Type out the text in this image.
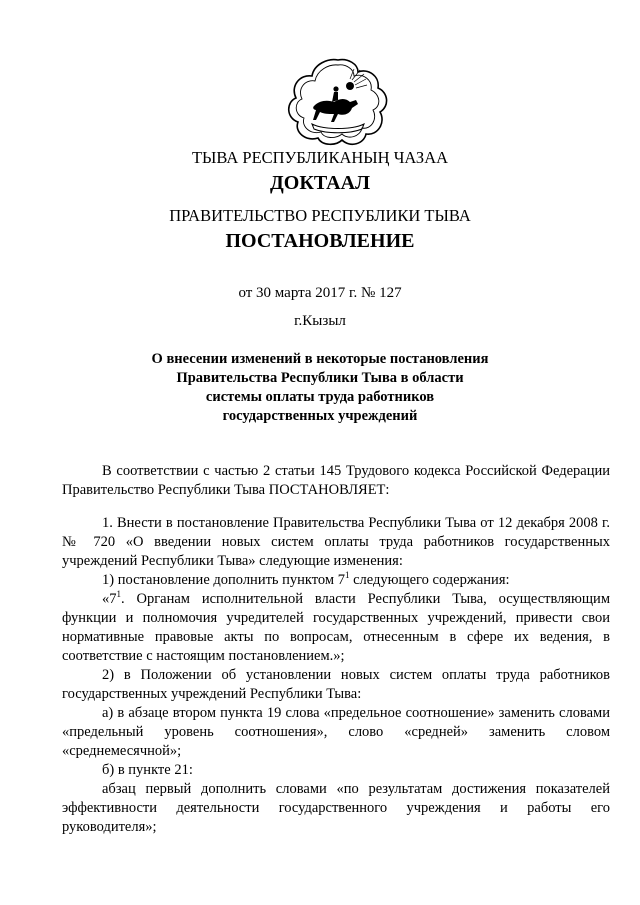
ТЫВА РЕСПУБЛИКАНЫҢ ЧАЗАА
ДОКТААЛ
ПРАВИТЕЛЬСТВО РЕСПУБЛИКИ ТЫВА
ПОСТАНОВЛЕНИЕ
от 30 марта 2017 г. № 127
г.Кызыл
О внесении изменений в некоторые постановления
Правительства Республики Тыва в области
системы оплаты труда работников
государственных учреждений

В соответствии с частью 2 статьи 145 Трудового кодекса Российской Федерации Правительство Республики Тыва ПОСТАНОВЛЯЕТ:

1. Внести в постановление Правительства Республики Тыва от 12 декабря 2008 г. № 720 «О введении новых систем оплаты труда работников государственных учреждений Республики Тыва» следующие изменения:

1) постановление дополнить пунктом $7^1$ следующего содержания:

«$7^1$. Органам исполнительной власти Республики Тыва, осуществляющим функции и полномочия учредителей государственных учреждений, привести свои нормативные правовые акты по вопросам, отнесенным в сфере их ведения, в соответствие с настоящим постановлением.»;

2) в Положении об установлении новых систем оплаты труда работников государственных учреждений Республики Тыва:

а) в абзаце втором пункта 19 слова «предельное соотношение» заменить словами «предельный уровень соотношения», слово «средней» заменить словом «среднемесячной»;

б) в пункте 21:

абзац первый дополнить словами «по результатам достижения показателей эффективности деятельности государственного учреждения и работы его руководителя»;
